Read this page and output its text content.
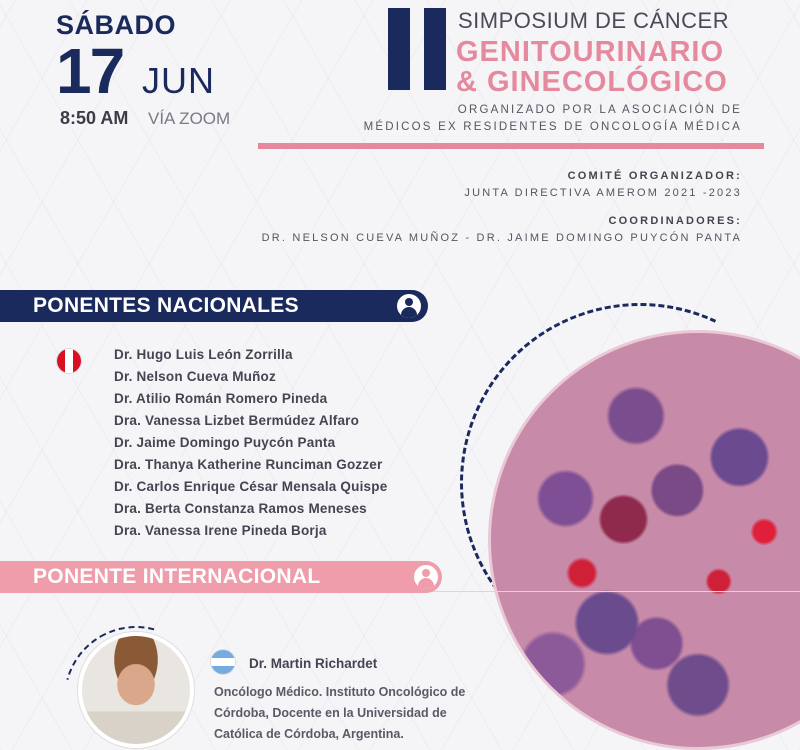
SÁBADO
17 JUN
8:50 AM VÍA ZOOM
SIMPOSIUM DE CÁNCER
GENITOURINARIO
& GINECOLÓGICO
ORGANIZADO POR LA ASOCIACIÓN DE
MÉDICOS EX RESIDENTES DE ONCOLOGÍA MÉDICA
COMITÉ ORGANIZADOR:
JUNTA DIRECTIVA AMEROM 2021 -2023
COORDINADORES:
DR. NELSON CUEVA MUÑOZ - DR. JAIME DOMINGO PUYCÓN PANTA
PONENTES NACIONALES
Dr. Hugo Luis León Zorrilla
Dr. Nelson Cueva Muñoz
Dr. Atilio Román Romero Pineda
Dra. Vanessa Lizbet Bermúdez Alfaro
Dr. Jaime Domingo Puycón Panta
Dra. Thanya Katherine Runciman Gozzer
Dr. Carlos Enrique César Mensala Quispe
Dra. Berta Constanza Ramos Meneses
Dra. Vanessa Irene Pineda Borja
PONENTE INTERNACIONAL
Dr. Martin Richardet
Oncólogo Médico. Instituto Oncológico de
Córdoba, Docente en la Universidad de
Católica de Córdoba, Argentina.
